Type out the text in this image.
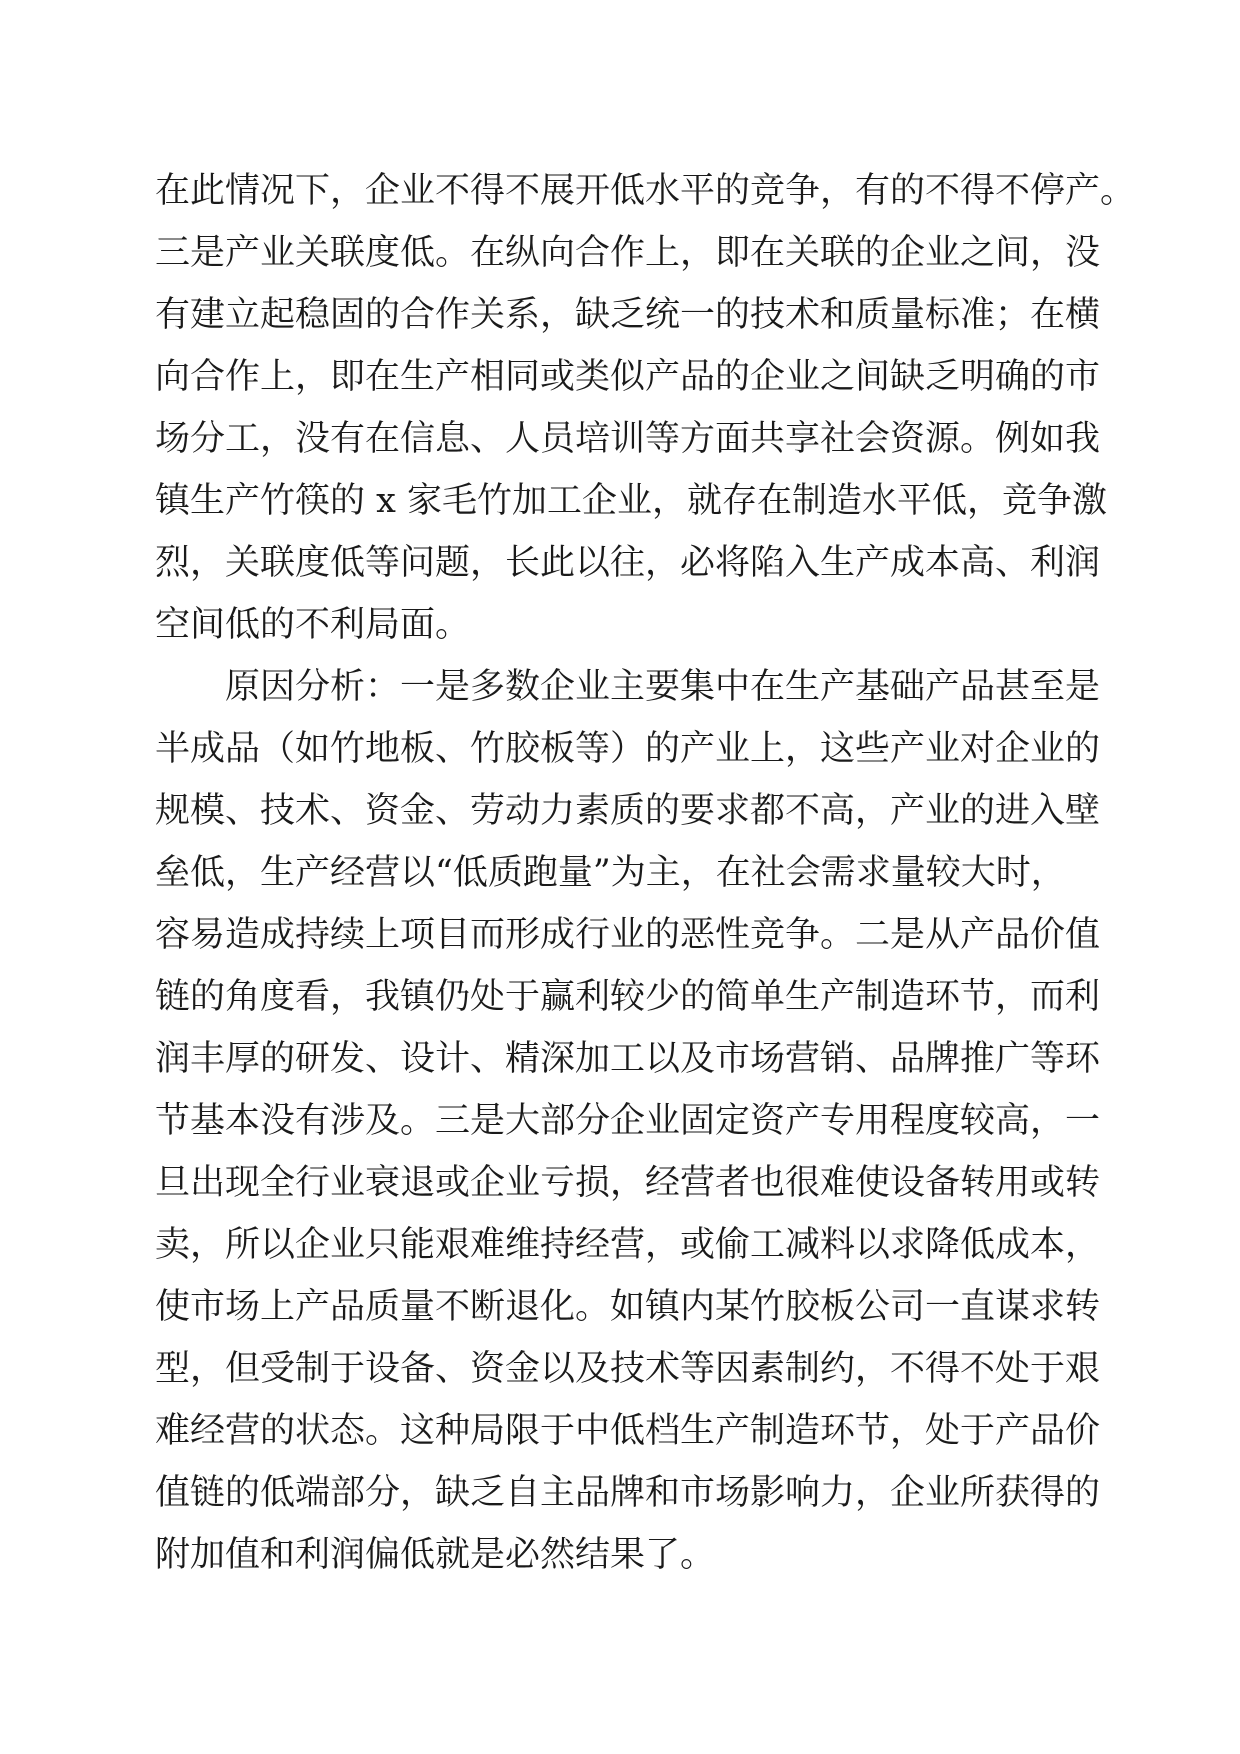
在此情况下，企业不得不展开低水平的竞争，有的不得不停产。
三是产业关联度低。在纵向合作上，即在关联的企业之间，没
有建立起稳固的合作关系，缺乏统一的技术和质量标准；在横
向合作上，即在生产相同或类似产品的企业之间缺乏明确的市
场分工，没有在信息、人员培训等方面共享社会资源。例如我
镇生产竹筷的 x 家毛竹加工企业，就存在制造水平低，竞争激
烈，关联度低等问题，长此以往，必将陷入生产成本高、利润
空间低的不利局面。
原因分析：一是多数企业主要集中在生产基础产品甚至是
半成品（如竹地板、竹胶板等）的产业上，这些产业对企业的
规模、技术、资金、劳动力素质的要求都不高，产业的进入壁
垒低，生产经营以“低质跑量”为主，在社会需求量较大时，
容易造成持续上项目而形成行业的恶性竞争。二是从产品价值
链的角度看，我镇仍处于赢利较少的简单生产制造环节，而利
润丰厚的研发、设计、精深加工以及市场营销、品牌推广等环
节基本没有涉及。三是大部分企业固定资产专用程度较高，一
旦出现全行业衰退或企业亏损，经营者也很难使设备转用或转
卖，所以企业只能艰难维持经营，或偷工减料以求降低成本，
使市场上产品质量不断退化。如镇内某竹胶板公司一直谋求转
型，但受制于设备、资金以及技术等因素制约，不得不处于艰
难经营的状态。这种局限于中低档生产制造环节，处于产品价
值链的低端部分，缺乏自主品牌和市场影响力，企业所获得的
附加值和利润偏低就是必然结果了。
